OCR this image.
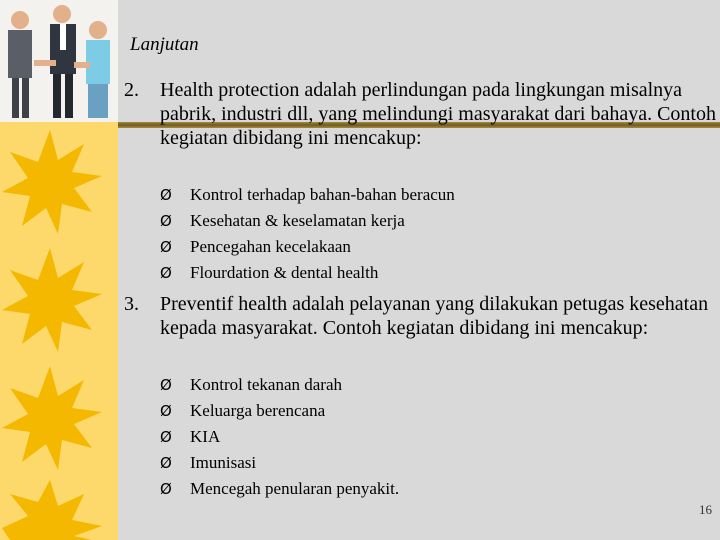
Lanjutan
2. Health protection adalah perlindungan pada lingkungan misalnya pabrik, industri dll, yang melindungi masyarakat dari bahaya. Contoh kegiatan dibidang ini mencakup:
Ø	Kontrol terhadap bahan-bahan beracun
Ø	Kesehatan & keselamatan kerja
Ø	Pencegahan kecelakaan
Ø	Flourdation & dental health
3. Preventif health adalah pelayanan yang dilakukan petugas kesehatan kepada masyarakat. Contoh kegiatan dibidang ini mencakup:
Ø	Kontrol tekanan darah
Ø	Keluarga berencana
Ø	KIA
Ø	Imunisasi
Ø	Mencegah penularan penyakit.
16
